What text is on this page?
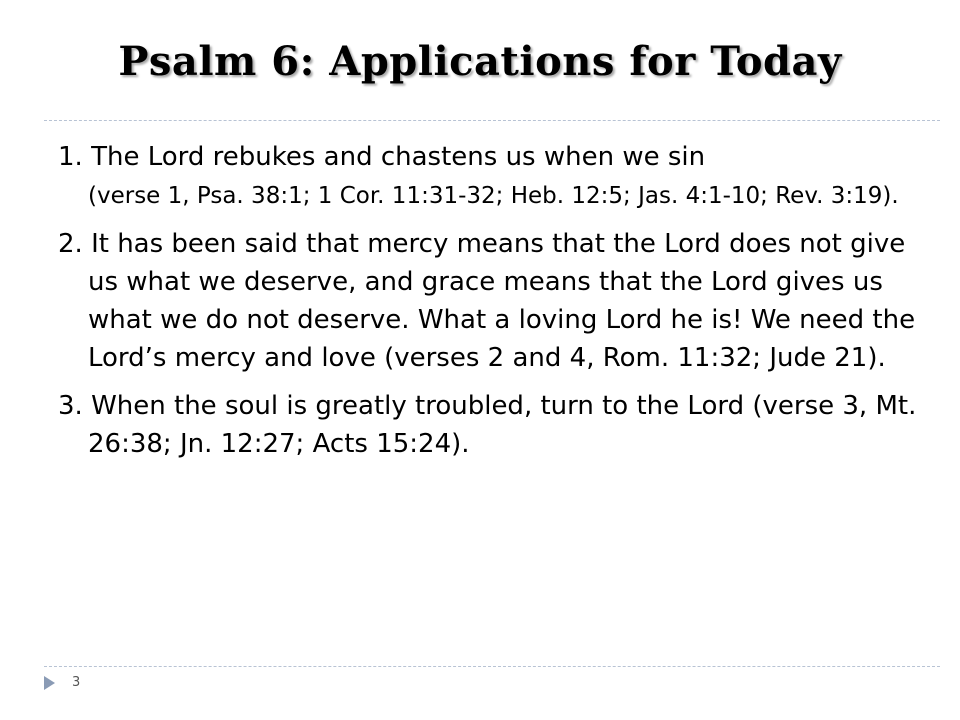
Psalm 6: Applications for Today
1. The Lord rebukes and chastens us when we sin
(verse 1, Psa. 38:1; 1 Cor. 11:31-32; Heb. 12:5; Jas. 4:1-10; Rev. 3:19).
2. It has been said that mercy means that the Lord does not give us what we deserve, and grace means that the Lord gives us what we do not deserve. What a loving Lord he is! We need the Lord’s mercy and love (verses 2 and 4, Rom. 11:32; Jude 21).
3. When the soul is greatly troubled, turn to the Lord (verse 3, Mt. 26:38; Jn. 12:27; Acts 15:24).
3
